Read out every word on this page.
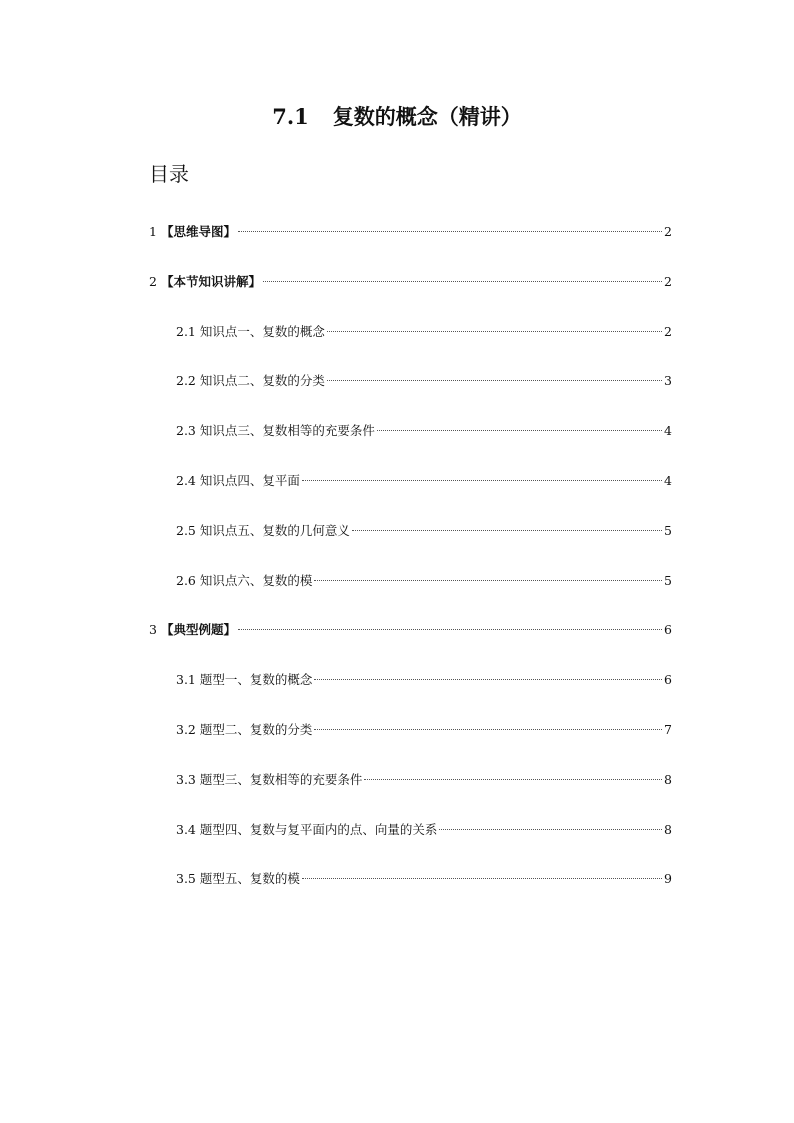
7.1 复数的概念（精讲）
目录
1 【思维导图】	2
2 【本节知识讲解】	2
2.1 知识点一、复数的概念	2
2.2 知识点二、复数的分类	3
2.3 知识点三、复数相等的充要条件	4
2.4 知识点四、复平面	4
2.5 知识点五、复数的几何意义	5
2.6 知识点六、复数的模	5
3 【典型例题】	6
3.1 题型一、复数的概念	6
3.2 题型二、复数的分类	7
3.3 题型三、复数相等的充要条件	8
3.4 题型四、复数与复平面内的点、向量的关系	8
3.5 题型五、复数的模	9
